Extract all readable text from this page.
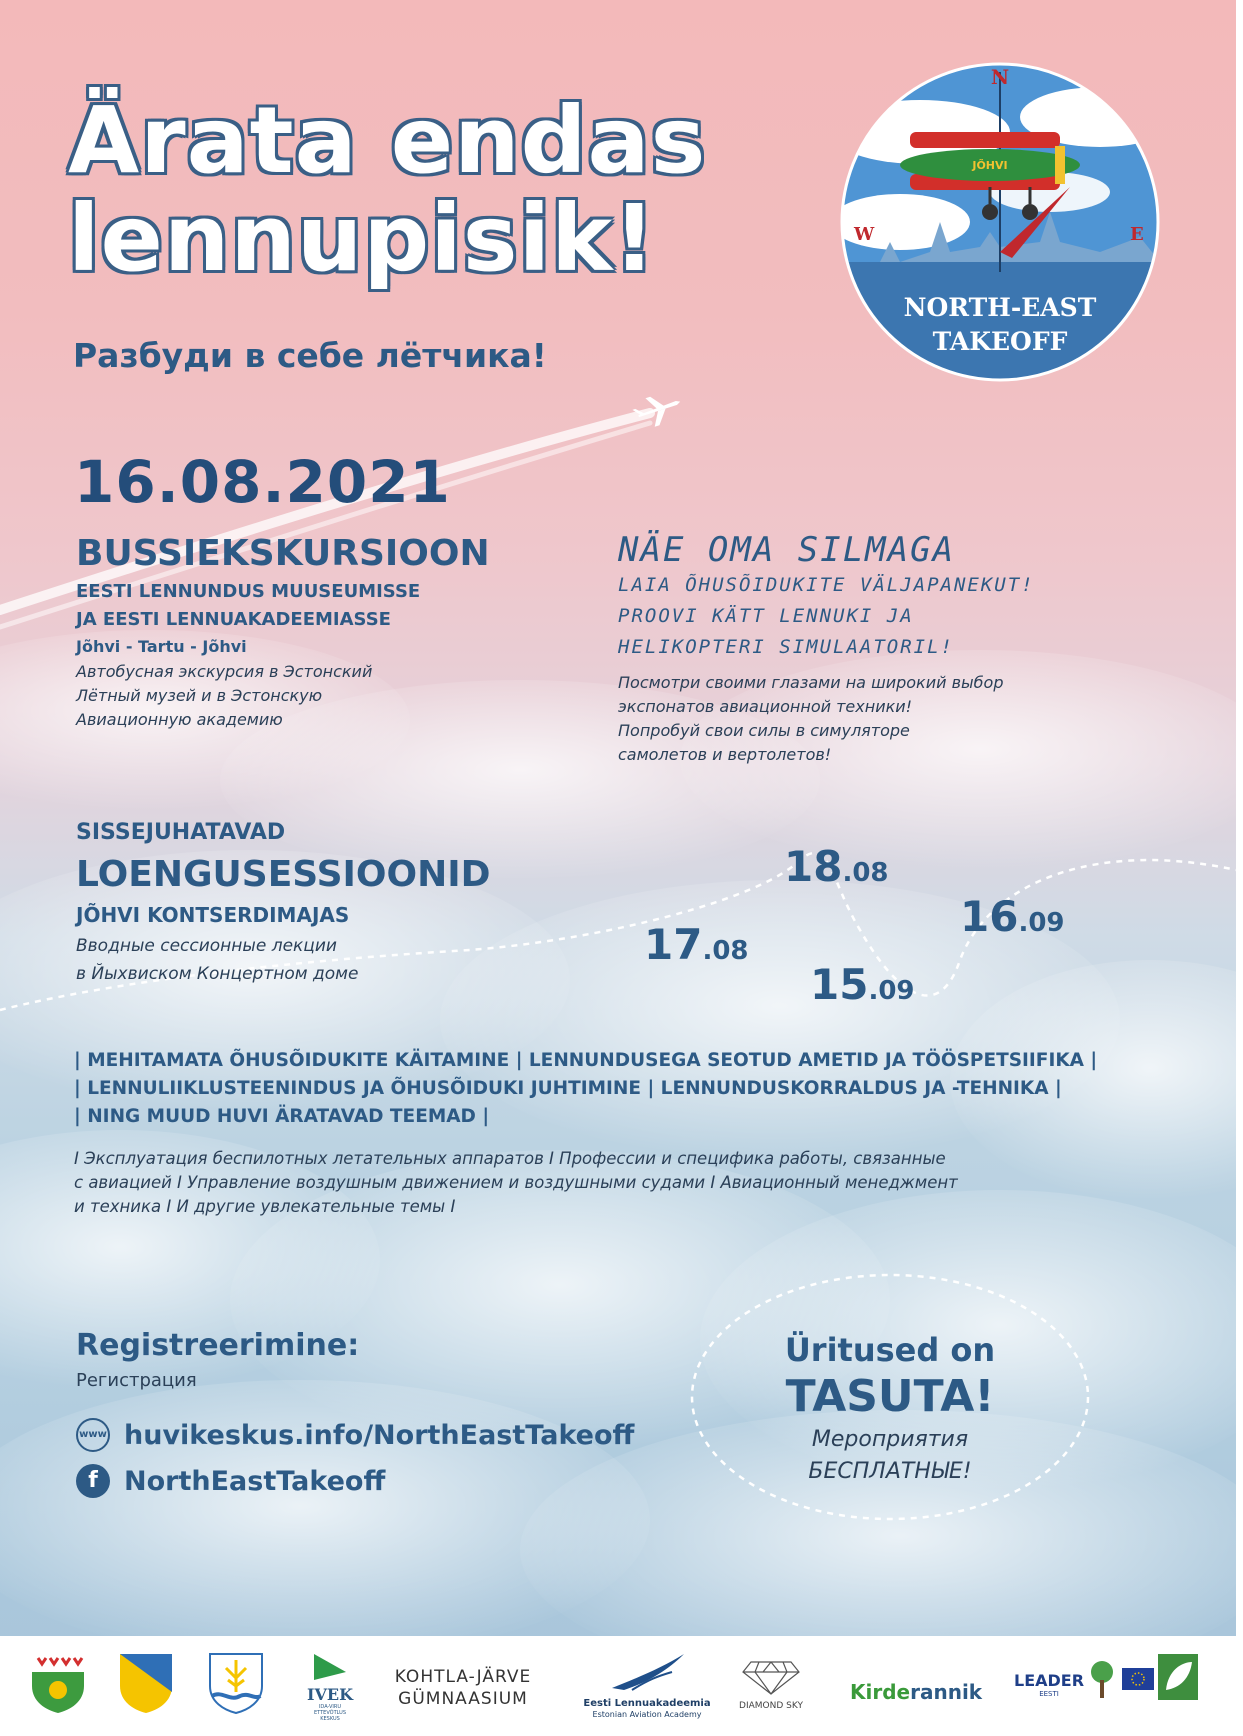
Ärata endas
lennupisik!
Разбуди в себе лётчика!
JÕHVI
N
W	E
NORTH-EAST
TAKEOFF
16.08.2021
BUSSIEKSKURSIOON
EESTI LENNUNDUS MUUSEUMISSE
JA EESTI LENNUAKADEEMIASSE
Jõhvi - Tartu - Jõhvi
Автобусная экскурсия в Эстонский
Лётный музей и в Эстонскую
Авиационную академию
NÄE OMA SILMAGA
LAIA ÕHUSÕIDUKITE VÄLJAPANEKUT!
PROOVI KÄTT LENNUKI JA
HELIKOPTERI SIMULAATORIL!
Посмотри своими глазами на широкий выбор
экспонатов авиационной техники!
Попробуй свои силы в симуляторе
самолетов и вертолетов!
SISSEJUHATAVAD
LOENGUSESSIOONID
JÕHVI KONTSERDIMAJAS
Вводные сессионные лекции
в Йыхвиском Концертном доме
17.08
18.08
15.09
16.09
| MEHITAMATA ÕHUSÕIDUKITE KÄITAMINE | LENNUNDUSEGA SEOTUD AMETID JA TÖÖSPETSIIFIKA |
| LENNULIIKLUSTEENINDUS JA ÕHUSÕIDUKI JUHTIMINE | LENNUNDUSKORRALDUS JA -TEHNIKA |
| NING MUUD HUVI ÄRATAVAD TEEMAD |
I Эксплуатация беспилотных летательных аппаратов I Профессии и специфика работы, связанные
с авиацией I Управление воздушным движением и воздушными судами I Авиационный менеджмент
и техника I И другие увлекательные темы I
Registreerimine:
Регистрация
www huvikeskus.info/NorthEastTakeoff
f NorthEastTakeoff
Üritused on
TASUTA!
Мероприятия
БЕСПЛАТНЫЕ!
IVEK
IDA-VIRU
ETTEVÕTLUS
KESKUS
KOHTLA-JÄRVE
GÜMNAASIUM	Eesti Lennuakadeemia
Estonian Aviation Academy
DIAMOND SKY
Kirderannik LEADER
EESTI
